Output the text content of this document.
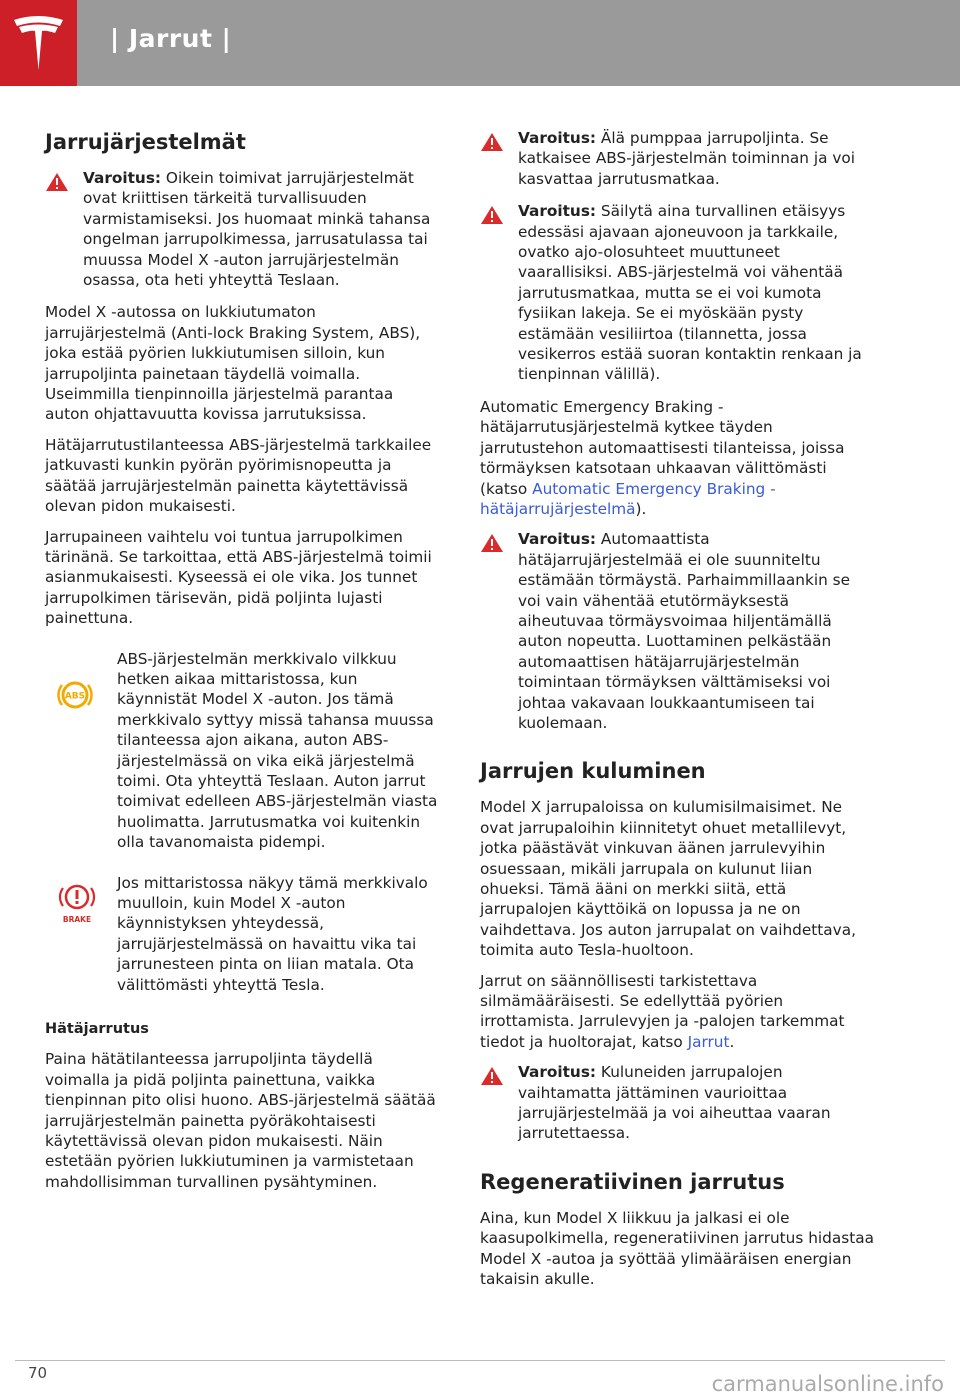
| Jarrut |
Jarrujärjestelmät
Varoitus: Oikein toimivat jarrujärjestelmät ovat kriittisen tärkeitä turvallisuuden varmistamiseksi. Jos huomaat minkä tahansa ongelman jarrupolkimessa, jarrusatulassa tai muussa Model X -auton jarrujärjestelmän osassa, ota heti yhteyttä Teslaan.

Model X -autossa on lukkiutumaton jarrujärjestelmä (Anti-lock Braking System, ABS), joka estää pyörien lukkiutumisen silloin, kun jarrupoljinta painetaan täydellä voimalla. Useimmilla tienpinnoilla järjestelmä parantaa auton ohjattavuutta kovissa jarrutuksissa.

Hätäjarrutustilanteessa ABS-järjestelmä tarkkailee jatkuvasti kunkin pyörän pyörimisnopeutta ja säätää jarrujärjestelmän painetta käytettävissä olevan pidon mukaisesti.

Jarrupaineen vaihtelu voi tuntua jarrupolkimen tärinänä. Se tarkoittaa, että ABS-järjestelmä toimii asianmukaisesti. Kyseessä ei ole vika. Jos tunnet jarrupolkimen tärisevän, pidä poljinta lujasti painettuna.

ABS
ABS-järjestelmän merkkivalo vilkkuu hetken aikaa mittaristossa, kun käynnistät Model X -auton. Jos tämä merkkivalo syttyy missä tahansa muussa tilanteessa ajon aikana, auton ABS-järjestelmässä on vika eikä järjestelmä toimi. Ota yhteyttä Teslaan. Auton jarrut toimivat edelleen ABS-järjestelmän viasta huolimatta. Jarrutusmatka voi kuitenkin olla tavanomaista pidempi.
BRAKE
Jos mittaristossa näkyy tämä merkkivalo muulloin, kuin Model X -auton käynnistyksen yhteydessä, jarrujärjestelmässä on havaittu vika tai jarrunesteen pinta on liian matala. Ota välittömästi yhteyttä Tesla.
Hätäjarrutus

Paina hätätilanteessa jarrupoljinta täydellä voimalla ja pidä poljinta painettuna, vaikka tienpinnan pito olisi huono. ABS-järjestelmä säätää jarrujärjestelmän painetta pyöräkohtaisesti käytettävissä olevan pidon mukaisesti. Näin estetään pyörien lukkiutuminen ja varmistetaan mahdollisimman turvallinen pysähtyminen.

Varoitus: Älä pumppaa jarrupoljinta. Se katkaisee ABS-järjestelmän toiminnan ja voi kasvattaa jarrutusmatkaa.
Varoitus: Säilytä aina turvallinen etäisyys edessäsi ajavaan ajoneuvoon ja tarkkaile, ovatko ajo-olosuhteet muuttuneet vaarallisiksi. ABS-järjestelmä voi vähentää jarrutusmatkaa, mutta se ei voi kumota fysiikan lakeja. Se ei myöskään pysty estämään vesiliirtoa (tilannetta, jossa vesikerros estää suoran kontaktin renkaan ja tienpinnan välillä).

Automatic Emergency Braking -hätäjarrutusjärjestelmä kytkee täyden jarrutustehon automaattisesti tilanteissa, joissa törmäyksen katsotaan uhkaavan välittömästi (katso Automatic Emergency Braking -hätäjarrujärjestelmä).

Varoitus: Automaattista hätäjarrujärjestelmää ei ole suunniteltu estämään törmäystä. Parhaimmillaankin se voi vain vähentää etutörmäyksestä aiheutuvaa törmäysvoimaa hiljentämällä auton nopeutta. Luottaminen pelkästään automaattisen hätäjarrujärjestelmän toimintaan törmäyksen välttämiseksi voi johtaa vakavaan loukkaantumiseen tai kuolemaan.
Jarrujen kuluminen

Model X jarrupaloissa on kulumisilmaisimet. Ne ovat jarrupaloihin kiinnitetyt ohuet metallilevyt, jotka päästävät vinkuvan äänen jarrulevyihin osuessaan, mikäli jarrupala on kulunut liian ohueksi. Tämä ääni on merkki siitä, että jarrupalojen käyttöikä on lopussa ja ne on vaihdettava. Jos auton jarrupalat on vaihdettava, toimita auto Tesla-huoltoon.

Jarrut on säännöllisesti tarkistettava silmämääräisesti. Se edellyttää pyörien irrottamista. Jarrulevyjen ja -palojen tarkemmat tiedot ja huoltorajat, katso Jarrut.

Varoitus: Kuluneiden jarrupalojen vaihtamatta jättäminen vaurioittaa jarrujärjestelmää ja voi aiheuttaa vaaran jarrutettaessa.
Regeneratiivinen jarrutus

Aina, kun Model X liikkuu ja jalkasi ei ole kaasupolkimella, regeneratiivinen jarrutus hidastaa Model X -autoa ja syöttää ylimääräisen energian takaisin akulle.

70	carmanualsonline.info
